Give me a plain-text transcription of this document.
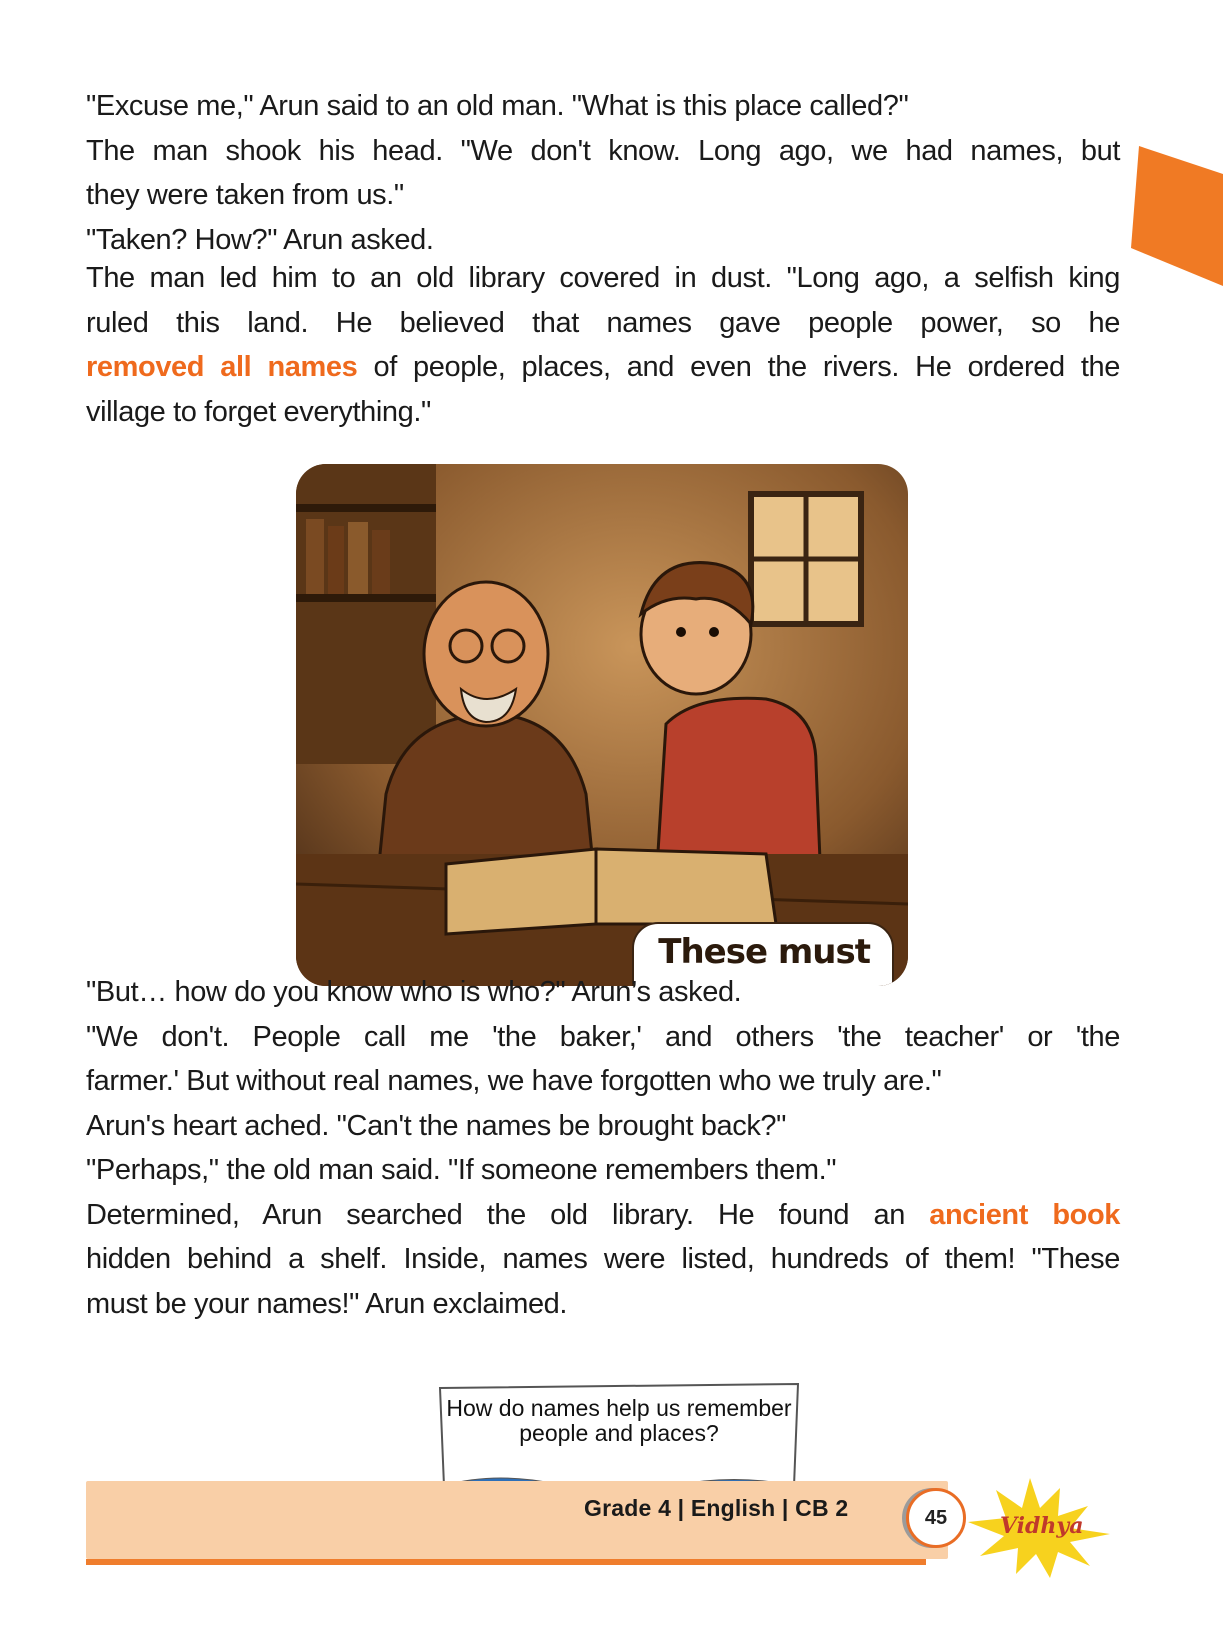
"Excuse me," Arun said to an old man. "What is this place called?"

The man shook his head. "We don't know. Long ago, we had names, but

they were taken from us."

"Taken? How?" Arun asked.

The man led him to an old library covered in dust. "Long ago, a selfish king

ruled this land. He believed that names gave people power, so he

removed all names of people, places, and even the rivers. He ordered the

village to forget everything."

These must

"But… how do you know who is who?" Arun’s asked.

"We don't. People call me 'the baker,' and others 'the teacher' or 'the

farmer.' But without real names, we have forgotten who we truly are."

Arun's heart ached. "Can't the names be brought back?"

"Perhaps," the old man said. "If someone remembers them."

Determined, Arun searched the old library. He found an ancient book

hidden behind a shelf. Inside, names were listed, hundreds of them! "These

must be your names!" Arun exclaimed.

How do names help us remember people and places?
Grade 4 | English | CB 2	45	Vidhya
